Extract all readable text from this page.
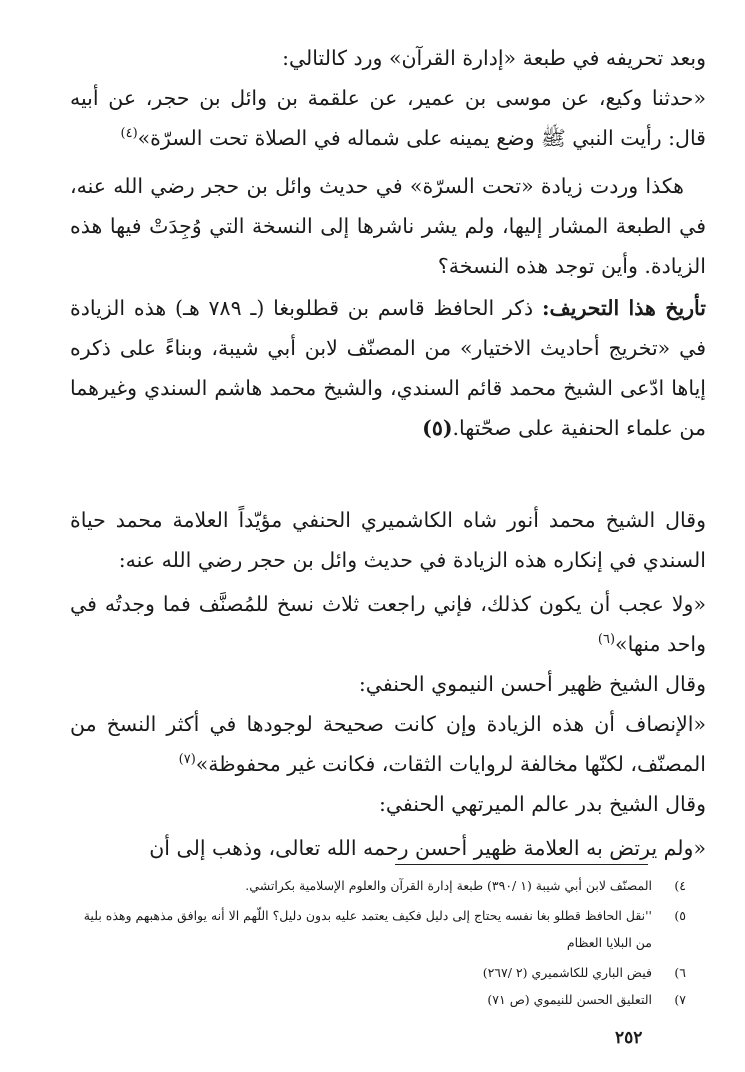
وبعد تحريفه في طبعة «إدارة القرآن» ورد كالتالي:

«حدثنا وكيع، عن موسى بن عمير، عن علقمة بن وائل بن حجر، عن أبيه قال: رأيت النبي ﷺ وضع يمينه على شماله في الصلاة تحت السرّة»$^{(٤)}$

هكذا وردت زيادة «تحت السرّة» في حديث وائل بن حجر رضي الله عنه، في الطبعة المشار إليها، ولم يشر ناشرها إلى النسخة التي وُجِدَتْ فيها هذه الزيادة. وأين توجد هذه النسخة؟

تأريخ هذا التحريف: ذكر الحافظ قاسم بن قطلوبغا (ـ ٧٨٩ هـ) هذه الزيادة في «تخريج أحاديث الاختيار» من المصنّف لابن أبي شيبة، وبناءً على ذكره إياها ادّعى الشيخ محمد قائم السندي، والشيخ محمد هاشم السندي وغيرهما من علماء الحنفية على صحّتها.(٥)

وقال الشيخ محمد أنور شاه الكاشميري الحنفي مؤيّداً العلامة محمد حياة السندي في إنكاره هذه الزيادة في حديث وائل بن حجر رضي الله عنه:

«ولا عجب أن يكون كذلك، فإني راجعت ثلاث نسخ للمُصنَّف فما وجدتُه في واحد منها»$^{(٦)}$

وقال الشيخ ظهير أحسن النيموي الحنفي:

«الإنصاف أن هذه الزيادة وإن كانت صحيحة لوجودها في أكثر النسخ من المصنّف، لكنّها مخالفة لروايات الثقات، فكانت غير محفوظة»$^{(٧)}$

وقال الشيخ بدر عالم الميرتهي الحنفي:

«ولم يرتض به العلامة ظهير أحسن رحمه الله تعالى، وذهب إلى أن

٤)
المصنّف لابن أبي شيبة (١ /٣٩٠) طبعة إدارة القرآن والعلوم الإسلامية بكراتشي.
٥)
''نقل الحافظ قطلو بغا نفسه يحتاج إلى دليل فكيف يعتمد عليه بدون دليل؟ اللّهم الا أنه يوافق مذهبهم وهذه بلية من البلايا العظام
٦)
فيض الباري للكاشميري (٢ /٢٦٧)
٧)
التعليق الحسن للنيموي (ص ٧١)
٢٥٢
